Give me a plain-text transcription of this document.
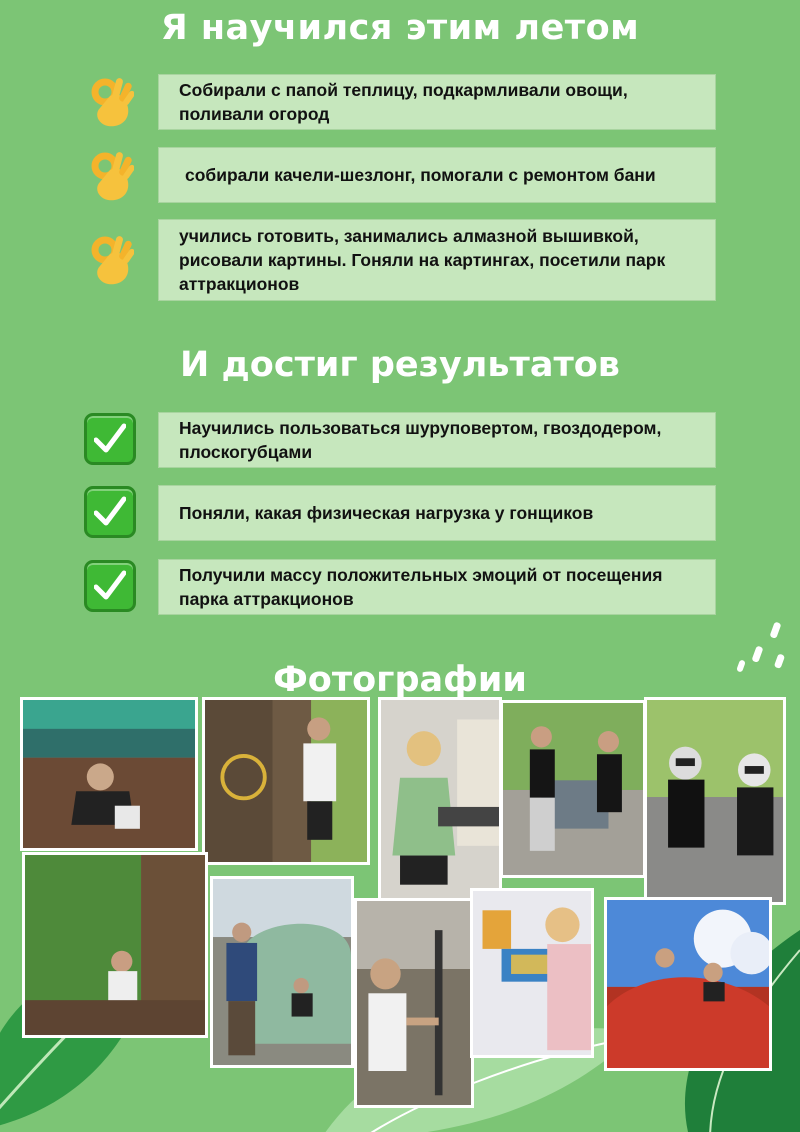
Я научился этим летом
Собирали с папой теплицу, подкармливали овощи, поливали огород
собирали качели-шезлонг, помогали с ремонтом бани
учились готовить, занимались алмазной вышивкой, рисовали картины. Гоняли на картингах, посетили парк аттракционов
И достиг результатов
Научились пользоваться шуруповертом, гвоздодером, плоскогубцами
Поняли, какая физическая нагрузка у гонщиков
Получили массу положительных эмоций от посещения парка аттракционов
Фотографии
